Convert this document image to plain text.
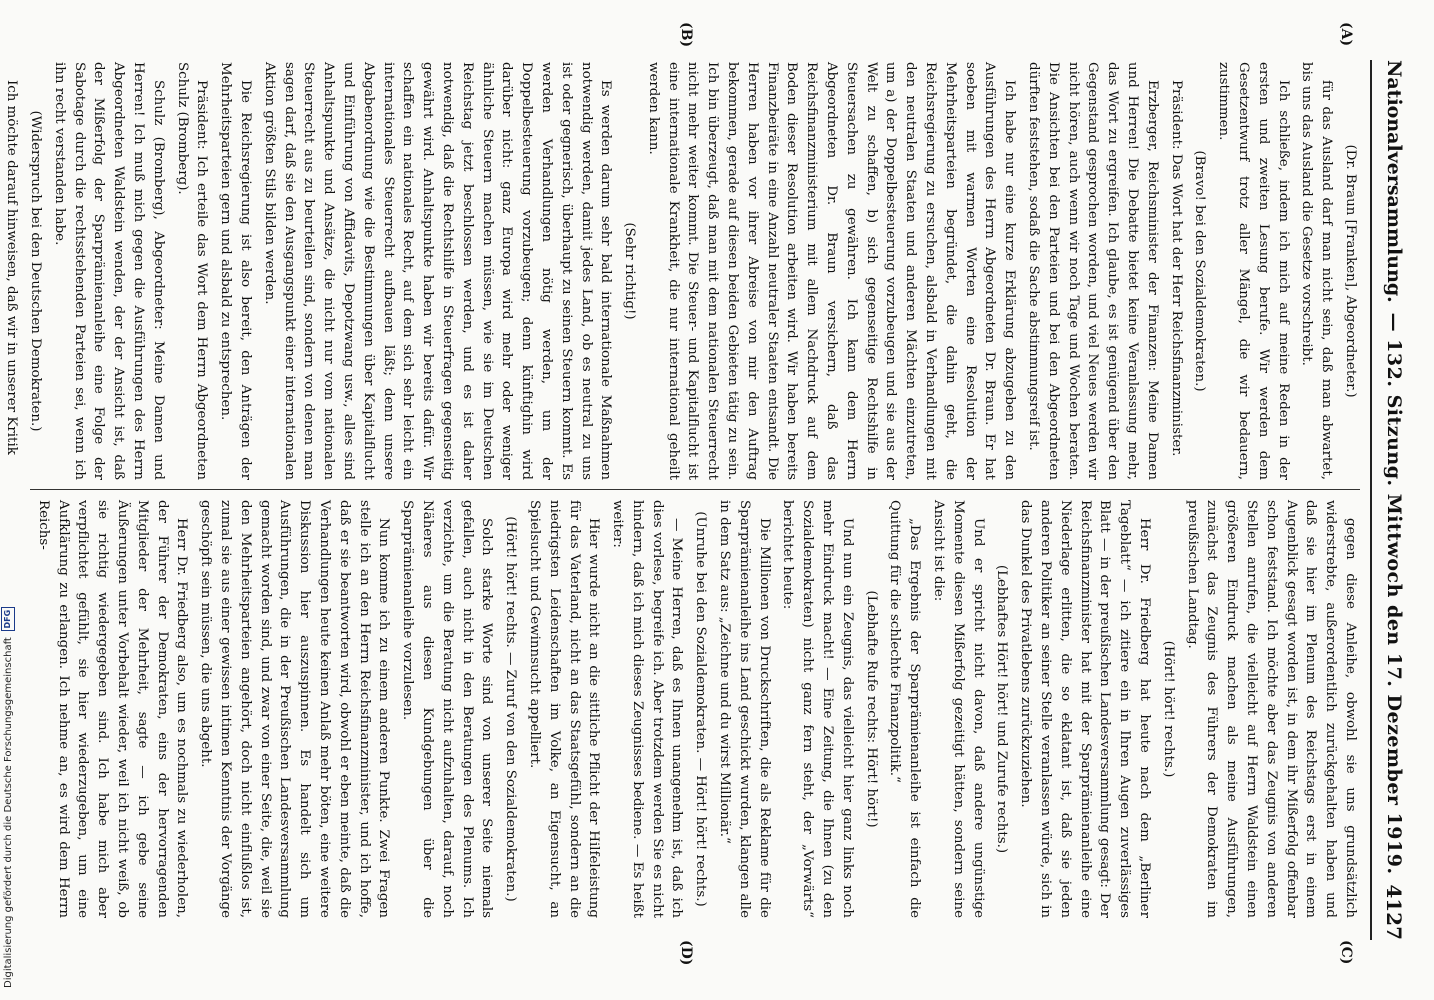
Nationalversammlung.
— 132. Sitzung. Mittwoch den 17. Dezember 1919.
4127
(A)
(B)
(C)
(D)

(Dr. Braun [Franken], Abgeordneter.)

für das Ausland darf man nicht sein, daß man abwartet, bis uns das Ausland die Gesetze vorschreibt.

Ich schließe, indem ich mich auf meine Reden in der ersten und zweiten Lesung berufe. Wir werden dem Gesetzentwurf trotz aller Mängel, die wir bedauern, zustimmen.

(Bravo! bei den Sozialdemokraten.)

Präsident: Das Wort hat der Herr Reichsfinanzminister.

Erzberger, Reichsminister der Finanzen: Meine Damen und Herren! Die Debatte bietet keine Veranlassung mehr, das Wort zu ergreifen. Ich glaube, es ist genügend über den Gegenstand gesprochen worden, und viel Neues werden wir nicht hören, auch wenn wir noch Tage und Wochen beraten. Die Ansichten bei den Parteien und bei den Abgeordneten dürften feststehen, sodaß die Sache abstimmungsreif ist.

Ich habe nur eine kurze Erklärung abzugeben zu den Ausführungen des Herrn Abgeordneten Dr. Braun. Er hat soeben mit warmen Worten eine Resolution der Mehrheitsparteien begründet, die dahin geht, die Reichsregierung zu ersuchen, alsbald in Verhandlungen mit den neutralen Staaten und anderen Mächten einzutreten, um a) der Doppelbesteuerung vorzubeugen und sie aus der Welt zu schaffen, b) sich gegenseitige Rechtshilfe in Steuersachen zu gewähren. Ich kann dem Herrn Abgeordneten Dr. Braun versichern, daß das Reichsfinanzministerium mit allem Nachdruck auf dem Boden dieser Resolution arbeiten wird. Wir haben bereits Finanzbeiräte in eine Anzahl neutraler Staaten entsandt. Die Herren haben vor ihrer Abreise von mir den Auftrag bekommen, gerade auf diesen beiden Gebieten tätig zu sein. Ich bin überzeugt, daß man mit dem nationalen Steuerrecht nicht mehr weiter kommt. Die Steuer- und Kapitalflucht ist eine internationale Krankheit, die nur international geheilt werden kann.

(Sehr richtig!)

Es werden darum sehr bald internationale Maßnahmen notwendig werden, damit jedes Land, ob es neutral zu uns ist oder gegnerisch, überhaupt zu seinen Steuern kommt. Es werden Verhandlungen nötig werden, um der Doppelbesteuerung vorzubeugen; denn künftighin wird darüber nicht: ganz Europa wird mehr oder weniger ähnliche Steuern machen müssen, wie sie im Deutschen Reichstag jetzt beschlossen werden, und es ist daher notwendig, daß die Rechtshilfe in Steuerfragen gegenseitig gewährt wird. Anhaltspunkte haben wir bereits dafür. Wir schaffen ein nationales Recht, auf dem sich sehr leicht ein internationales Steuerrecht aufbauen läßt; denn unsere Abgabenordnung wie die Bestimmungen über Kapitalflucht und Einführung von Affidavits, Depotzwang usw., alles sind Anhaltspunkte und Ansätze, die nicht nur vom nationalen Steuerrecht aus zu beurteilen sind, sondern von denen man sagen darf, daß sie den Ausgangspunkt einer internationalen Aktion größten Stils bilden werden.

Die Reichsregierung ist also bereit, den Anträgen der Mehrheitsparteien gern und alsbald zu entsprechen.

Präsident: Ich erteile das Wort dem Herrn Abgeordneten Schulz (Bromberg).

Schulz (Bromberg), Abgeordneter: Meine Damen und Herren! Ich muß mich gegen die Ausführungen des Herrn Abgeordneten Waldstein wenden, der der Ansicht ist, daß der Mißerfolg der Sparprämienanleihe eine Folge der Sabotage durch die rechtsstehenden Parteien sei, wenn ich ihn recht verstanden habe.

(Widerspruch bei den Deutschen Demokraten.)

Ich möchte darauf hinweisen, daß wir in unserer Kritik

gegen diese Anleihe, obwohl sie uns grundsätzlich widerstrebte, außerordentlich zurückgehalten haben und daß sie hier im Plenum des Reichstags erst in einem Augenblick gesagt worden ist, in dem ihr Mißerfolg offenbar schon feststand. Ich möchte aber das Zeugnis von anderen Stellen anrufen, die vielleicht auf Herrn Waldstein einen größeren Eindruck machen als meine Ausführungen, zunächst das Zeugnis des Führers der Demokraten im preußischen Landtag.

(Hört! hört! rechts.)

Herr Dr. Friedberg hat heute nach dem „Berliner Tageblatt“ — ich zitiere ein in Ihren Augen zuverlässiges Blatt — in der preußischen Landesversammlung gesagt: Der Reichsfinanzminister hat mit der Sparprämienanleihe eine Niederlage erlitten, die so eklatant ist, daß sie jeden anderen Politiker an seiner Stelle veranlassen würde, sich in das Dunkel des Privatlebens zurückzuziehen.

(Lebhaftes Hört! hört! und Zurufe rechts.)

Und er spricht nicht davon, daß andere ungünstige Momente diesen Mißerfolg gezeitigt hätten, sondern seine Ansicht ist die:

„Das Ergebnis der Sparprämienanleihe ist einfach die Quittung für die schlechte Finanzpolitik.“

(Lebhafte Rufe rechts: Hört! hört!)

Und nun ein Zeugnis, das vielleicht hier ganz links noch mehr Eindruck macht! — Eine Zeitung, die Ihnen (zu den Sozialdemokraten) nicht ganz fern steht, der „Vorwärts“ berichtet heute:

Die Millionen von Druckschriften, die als Reklame für die Sparprämienanleihe ins Land geschickt wurden, klangen alle in dem Satz aus: „Zeichne und du wirst Millionär.“

(Unruhe bei den Sozialdemokraten. — Hört! hört! rechts.)

— Meine Herren, daß es Ihnen unangenehm ist, daß ich dies vorlese, begreife ich. Aber trotzdem werden Sie es nicht hindern, daß ich mich dieses Zeugnisses bediene. — Es heißt weiter:

Hier wurde nicht an die sittliche Pflicht der Hilfeleistung für das Vaterland, nicht an das Staatsgefühl, sondern an die niedrigsten Leidenschaften im Volke, an Eigensucht, an Spielsucht und Gewinnsucht appelliert.

(Hört! hört! rechts. — Zuruf von den Sozialdemokraten.)

Solch starke Worte sind von unserer Seite niemals gefallen, auch nicht in den Beratungen des Plenums. Ich verzichte, um die Beratung nicht aufzuhalten, darauf, noch Näheres aus diesen Kundgebungen über die Sparprämienanleihe vorzulesen.

Nun komme ich zu einem anderen Punkte. Zwei Fragen stelle ich an den Herrn Reichsfinanzminister, und ich hoffe, daß er sie beantworten wird, obwohl er eben meinte, daß die Verhandlungen heute keinen Anlaß mehr böten, eine weitere Diskussion hier auszuspinnen. Es handelt sich um Ausführungen, die in der Preußischen Landesversammlung gemacht worden sind, und zwar von einer Seite, die, weil sie den Mehrheitsparteien angehört, doch nicht einflußlos ist, zumal sie aus einer gewissen intimen Kenntnis der Vorgänge geschöpft sein müssen, die uns abgeht.

Herr Dr. Friedberg also, um es nochmals zu wiederholen, der Führer der Demokraten, eins der hervorragenden Mitglieder der Mehrheit, sagte — ich gebe seine Äußerungen unter Vorbehalt wieder, weil ich nicht weiß, ob sie richtig wiedergegeben sind. Ich habe mich aber verpflichtet gefühlt, sie hier wiederzugeben, um eine Aufklärung zu erlangen. Ich nehme an, es wird dem Herrn Reichs-

Digitalisierung gefördert durch die Deutsche Forschungsgemeinschaft
DFG
